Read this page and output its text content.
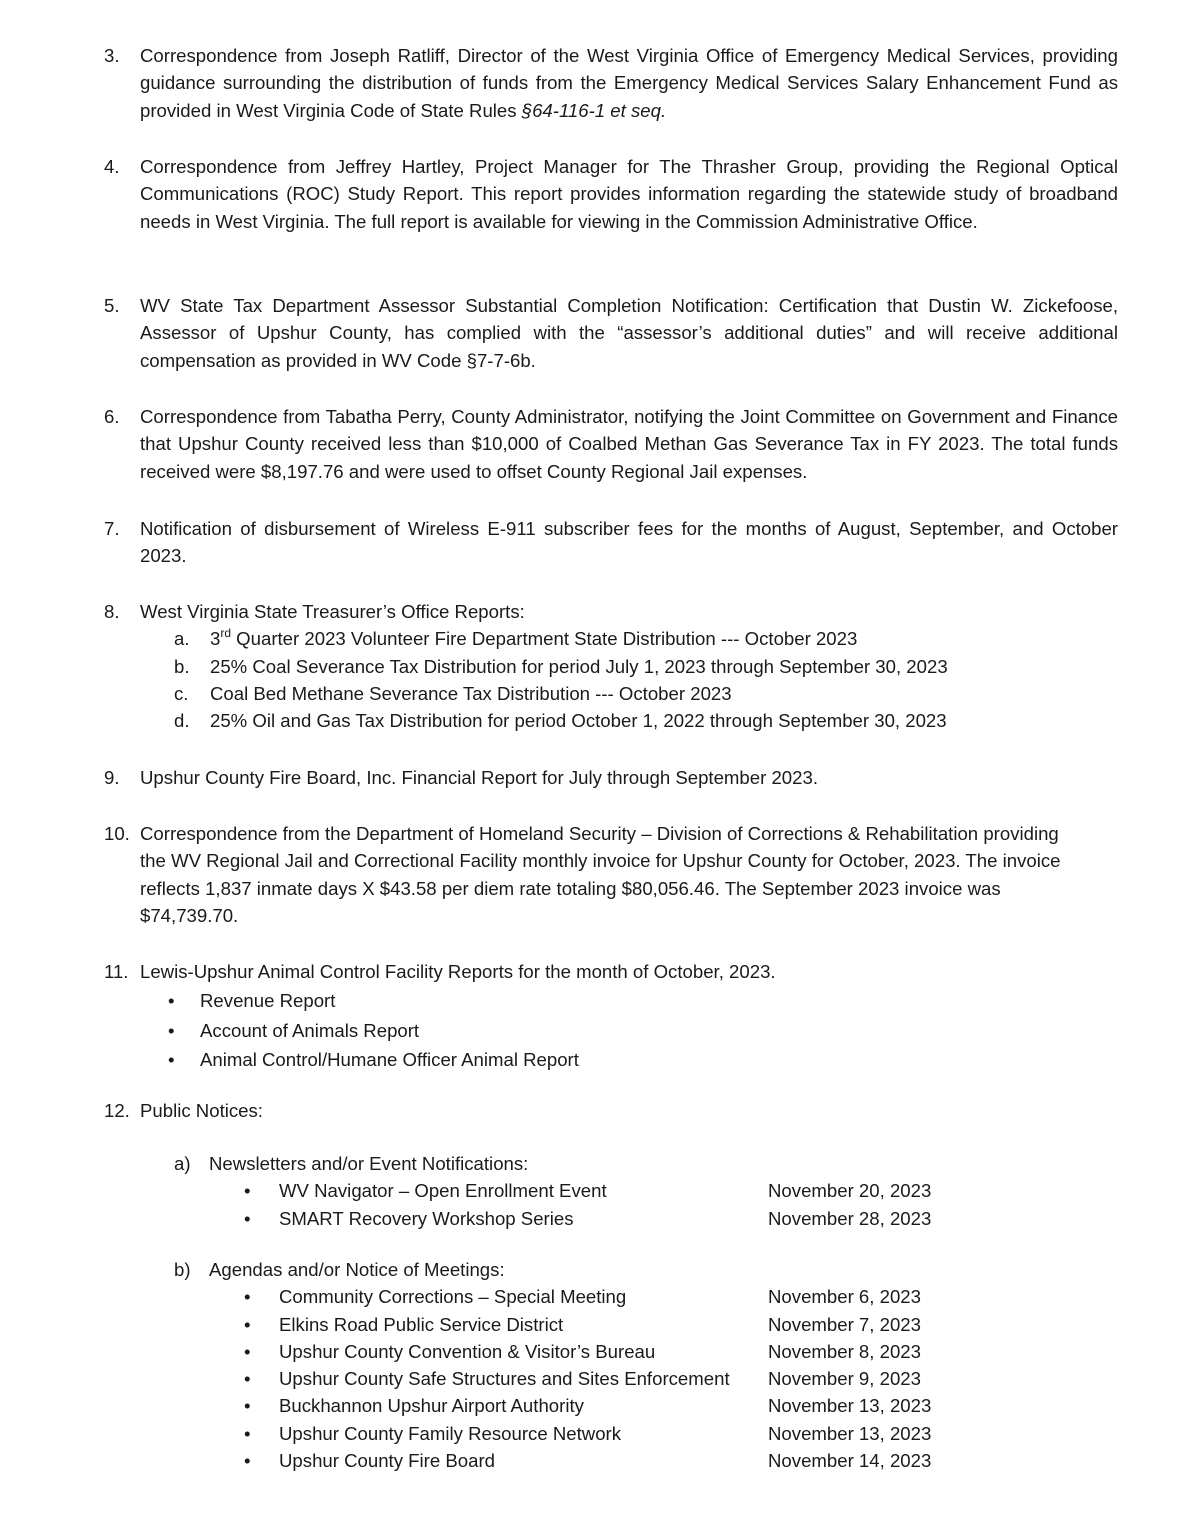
3. Correspondence from Joseph Ratliff, Director of the West Virginia Office of Emergency Medical Services, providing guidance surrounding the distribution of funds from the Emergency Medical Services Salary Enhancement Fund as provided in West Virginia Code of State Rules §64-116-1 et seq.

4. Correspondence from Jeffrey Hartley, Project Manager for The Thrasher Group, providing the Regional Optical Communications (ROC) Study Report. This report provides information regarding the statewide study of broadband needs in West Virginia. The full report is available for viewing in the Commission Administrative Office.

5. WV State Tax Department Assessor Substantial Completion Notification: Certification that Dustin W. Zickefoose, Assessor of Upshur County, has complied with the “assessor’s additional duties” and will receive additional compensation as provided in WV Code §7-7-6b.

6. Correspondence from Tabatha Perry, County Administrator, notifying the Joint Committee on Government and Finance that Upshur County received less than $10,000 of Coalbed Methan Gas Severance Tax in FY 2023. The total funds received were $8,197.76 and were used to offset County Regional Jail expenses.

7. Notification of disbursement of Wireless E-911 subscriber fees for the months of August, September, and October 2023.

8. West Virginia State Treasurer’s Office Reports:

a. 3rd Quarter 2023 Volunteer Fire Department State Distribution --- October 2023
b. 25% Coal Severance Tax Distribution for period July 1, 2023 through September 30, 2023
c. Coal Bed Methane Severance Tax Distribution --- October 2023
d. 25% Oil and Gas Tax Distribution for period October 1, 2022 through September 30, 2023
9. Upshur County Fire Board, Inc. Financial Report for July through September 2023.

10. Correspondence from the Department of Homeland Security – Division of Corrections & Rehabilitation providing the WV Regional Jail and Correctional Facility monthly invoice for Upshur County for October, 2023. The invoice reflects 1,837 inmate days X $43.58 per diem rate totaling $80,056.46. The September 2023 invoice was $74,739.70.

11. Lewis-Upshur Animal Control Facility Reports for the month of October, 2023.

• Revenue Report
• Account of Animals Report
• Animal Control/Humane Officer Animal Report
12. Public Notices:

a) Newsletters and/or Event Notifications:
• WV Navigator – Open Enrollment Event	November 20, 2023
• SMART Recovery Workshop Series	November 28, 2023
b) Agendas and/or Notice of Meetings:
• Community Corrections – Special Meeting	November 6, 2023
• Elkins Road Public Service District	November 7, 2023
• Upshur County Convention & Visitor’s Bureau	November 8, 2023
• Upshur County Safe Structures and Sites Enforcement November 9, 2023
• Buckhannon Upshur Airport Authority	November 13, 2023
• Upshur County Family Resource Network	November 13, 2023
• Upshur County Fire Board	November 14, 2023
